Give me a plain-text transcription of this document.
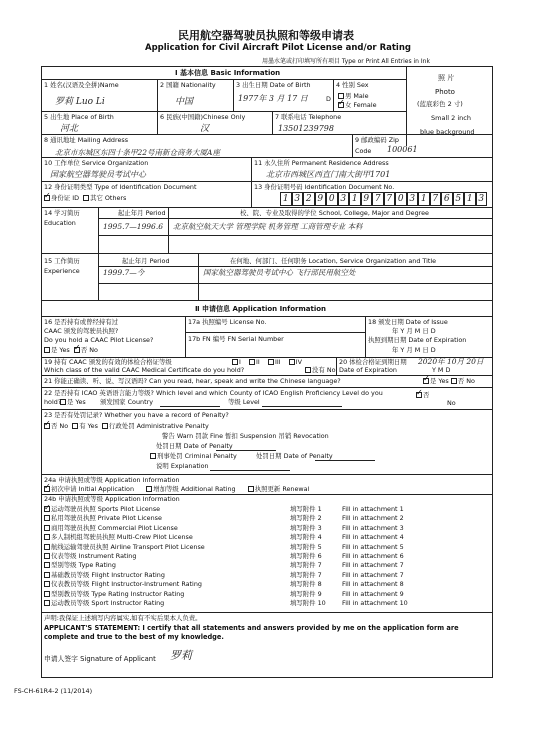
民用航空器驾驶员执照和等级申请表
Application for Civil Aircraft Pilot License and/or Rating
用墨水笔或打印填写所有项目 Type or Print All Entries in Ink
Ⅰ 基本信息 Basic Information
照 片
Photo
(蓝底彩色 2 寸)
Small 2 inch
blue background
1 姓名(汉语及全拼)Name
罗莉 Luo Li
2 国籍 Nationality
中国
3 出生日期 Date of Birth
1977年 3 月 17 日	D
4 性别 Sex
男 Male
✓ 女 Female
5 出生地 Place of Birth
河北
6 民族(中国籍)Chinese Only
汉
7 联系电话 Telephone
13501239798
8 通讯地址 Mailing Address
北京市东城区东四十条甲22号南新仓商务大厦A座
9 邮政编码 Zip
Code 100061
10 工作单位 Service Organization
国家航空器驾驶员考试中心
11 永久住所 Permanent Residence Address
北京市西城区西直门南大街甲1701
12 身份证明类型 Type of Identification Document
✓ 身份证 ID 其它 Others
13 身份证明号码 Identification Document No.
1 3 2 9 0 3 1 9 7 7 0 3 1 7 6 5 1 3
14 学习简历
Education
起止年月 Period	校、院、专业及取得的学位 School, College, Major and Degree
1995.7—1996.6 北京航空航天大学 管理学院 机务管理 工商管理专业 本科
15 工作简历
Experience
起止年月 Period	在何地、何部门、任何职务 Location, Service Organization and Title
1999.7—今	国家航空器驾驶员考试中心 飞行部民用航空处
Ⅱ 申请信息 Application Information
16 是否持有或曾经持有过
CAAC 颁发的驾驶员执照?
Do you hold a CAAC Pilot License?
是 Yes ✓ 否 No
17a 执照编号 License No.
17b FN 编号 FN Serial Number
18 颁发日期 Date of Issue
年 Y 月 M 日 D
执照到期日期 Date of Expiration
年 Y 月 M 日 D
19 持有 CAAC 颁发的有效的体检合格证等级
Which class of the valid CAAC Medical Certificate do you hold?
I II III IV
没有 No
20 体检合格证到期日期 2020年 10月 20日
Date of Expiration	Y M D
21 你能正确读、听、说、写汉语吗? Can you read, hear, speak and write the Chinese language?	✓ 是 Yes 否 No
22 是否持有 ICAO 英语语言能力等级? Which level and which County of ICAO English Proficiency Level do you
hold? 是 Yes 颁发国家 Country	等级 Level
✓ 否
No
23 是否有处罚记录? Whether you have a record of Penalty?
✓ 否 No 有 Yes 行政处罚 Administrative Penalty
警告 Warn 罚款 Fine 暂扣 Suspension 吊销 Revocation
处罚日期 Date of Penalty
刑事处罚 Criminal Penalty	处罚日期 Date of Penalty
说明 Explanation
24a 申请执照或等级 Application Information
✓ 初次申请 Initial Application	增加等级 Additional Rating	执照更新 Renewal
24b 申请执照或等级 Application Information
✓ 运动驾驶员执照 Sports Pilot License	填写附件 1	Fill in attachment 1
私用驾驶员执照 Private Pilot License	填写附件 2	Fill in attachment 2
商用驾驶员执照 Commercial Pilot License	填写附件 3	Fill in attachment 3
多人制机组驾驶员执照 Multi-Crew Pilot License	填写附件 4	Fill in attachment 4
航线运输驾驶员执照 Airline Transport Pilot License	填写附件 5	Fill in attachment 5
仪表等级 Instrument Rating	填写附件 6	Fill in attachment 6
型别等级 Type Rating	填写附件 7	Fill in attachment 7
基础教员等级 Flight Instructor Rating	填写附件 7	Fill in attachment 7
仪表教员等级 Flight Instructor-Instrument Rating	填写附件 8	Fill in attachment 8
型别教员等级 Type Rating Instructor Rating	填写附件 9	Fill in attachment 9
运动教员等级 Sport Instructor Rating	填写附件 10	Fill in attachment 10
声明:我保证上述填写内容属实,如有不实后果本人负责。
APPLICANT'S STATEMENT: I certify that all statements and answers provided by me on the application form are
complete and true to the best of my knowledge.
申请人签字 Signature of Applicant 罗莉
FS-CH-61R4-2 (11/2014)
